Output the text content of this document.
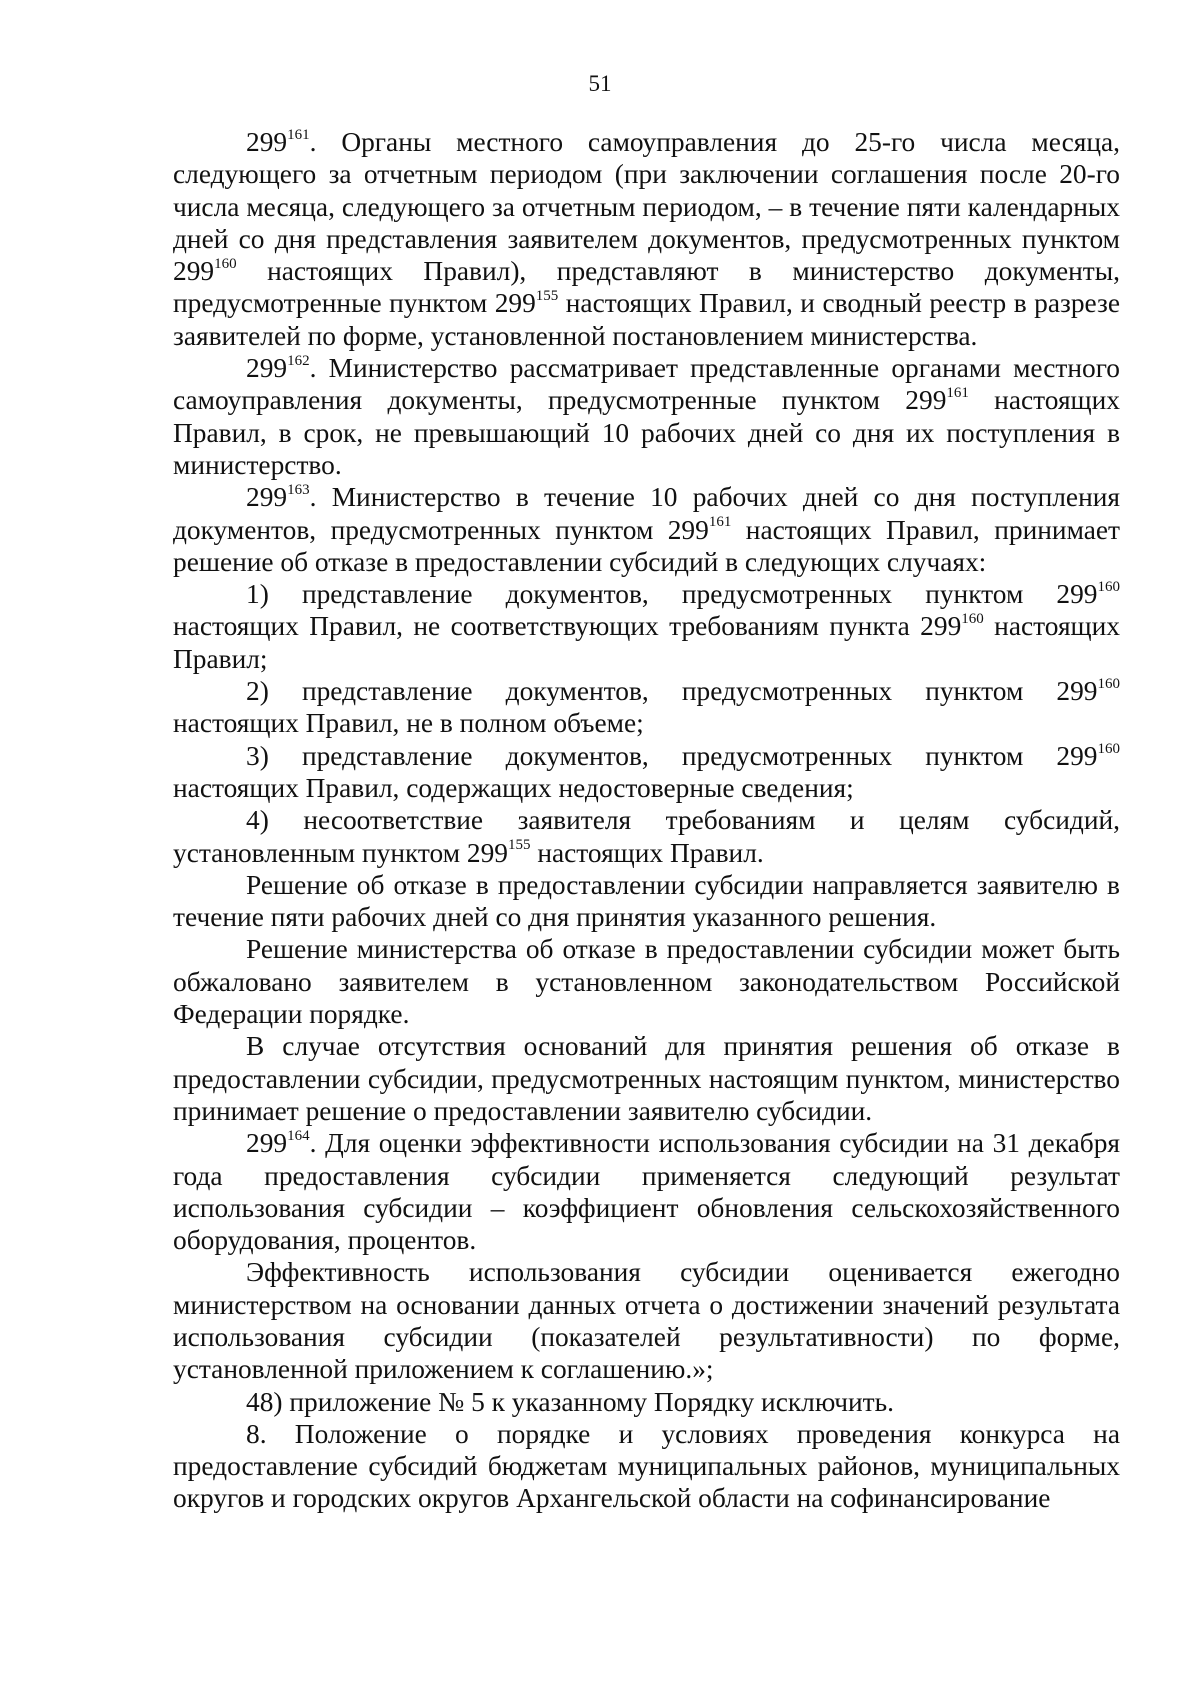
51

$299^{161}$. Органы местного самоуправления до 25-го числа месяца, следующего за отчетным периодом (при заключении соглашения после 20-го числа месяца, следующего за отчетным периодом, – в течение пяти календарных дней со дня представления заявителем документов, предусмотренных пунктом $299^{160}$ настоящих Правил), представляют в министерство документы, предусмотренные пунктом $299^{155}$ настоящих Правил, и сводный реестр в разрезе заявителей по форме, установленной постановлением министерства.

$299^{162}$. Министерство рассматривает представленные органами местного самоуправления документы, предусмотренные пунктом $299^{161}$ настоящих Правил, в срок, не превышающий 10 рабочих дней со дня их поступления в министерство.

$299^{163}$. Министерство в течение 10 рабочих дней со дня поступления документов, предусмотренных пунктом $299^{161}$ настоящих Правил, принимает решение об отказе в предоставлении субсидий в следующих случаях:

1) представление документов, предусмотренных пунктом $299^{160}$ настоящих Правил, не соответствующих требованиям пункта $299^{160}$ настоящих Правил;

2) представление документов, предусмотренных пунктом $299^{160}$ настоящих Правил, не в полном объеме;

3) представление документов, предусмотренных пунктом $299^{160}$ настоящих Правил, содержащих недостоверные сведения;

4) несоответствие заявителя требованиям и целям субсидий, установленным пунктом $299^{155}$ настоящих Правил.

Решение об отказе в предоставлении субсидии направляется заявителю в течение пяти рабочих дней со дня принятия указанного решения.

Решение министерства об отказе в предоставлении субсидии может быть обжаловано заявителем в установленном законодательством Российской Федерации порядке.

В случае отсутствия оснований для принятия решения об отказе в предоставлении субсидии, предусмотренных настоящим пунктом, министерство принимает решение о предоставлении заявителю субсидии.

$299^{164}$. Для оценки эффективности использования субсидии на 31 декабря года предоставления субсидии применяется следующий результат использования субсидии – коэффициент обновления сельскохозяйственного оборудования, процентов.

Эффективность использования субсидии оценивается ежегодно министерством на основании данных отчета о достижении значений результата использования субсидии (показателей результативности) по форме, установленной приложением к соглашению.»;

48) приложение № 5 к указанному Порядку исключить.

8. Положение о порядке и условиях проведения конкурса на предоставление субсидий бюджетам муниципальных районов, муниципальных округов и городских округов Архангельской области на софинансирование
